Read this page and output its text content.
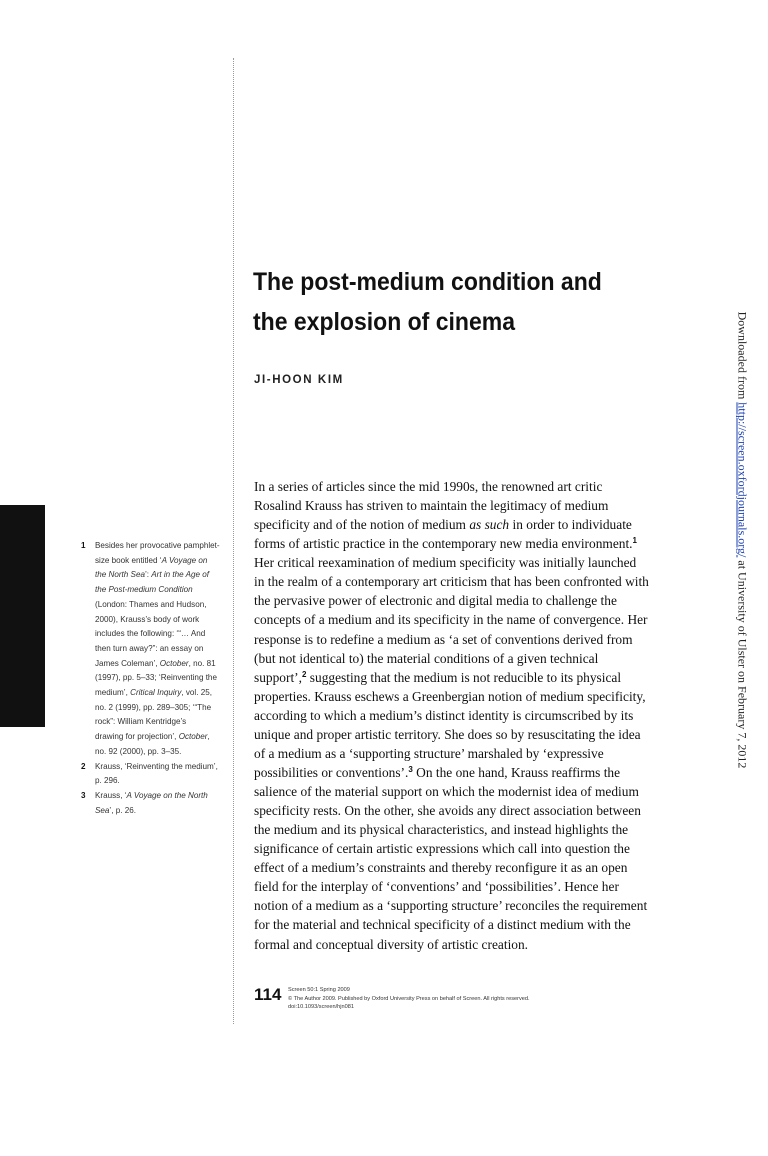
Part 3
The post-medium condition and
the explosion of cinema
JI-HOON KIM	Downloaded from http://screen.oxfordjournals.org/ at University of Ulster on February 7, 2012
In a series of articles since the mid 1990s, the renowned art critic
Rosalind Krauss has striven to maintain the legitimacy of medium
specificity and of the notion of medium as such in order to individuate
forms of artistic practice in the contemporary new media environment.$^1$
Her critical reexamination of medium specificity was initially launched
in the realm of a contemporary art criticism that has been confronted with
the pervasive power of electronic and digital media to challenge the
concepts of a medium and its specificity in the name of convergence. Her
response is to redefine a medium as ‘a set of conventions derived from
(but not identical to) the material conditions of a given technical
support’,$^2$ suggesting that the medium is not reducible to its physical
properties. Krauss eschews a Greenbergian notion of medium specificity,
according to which a medium’s distinct identity is circumscribed by its
unique and proper artistic territory. She does so by resuscitating the idea
of a medium as a ‘supporting structure’ marshaled by ‘expressive
possibilities or conventions’.$^3$ On the one hand, Krauss reaffirms the
salience of the material support on which the modernist idea of medium
specificity rests. On the other, she avoids any direct association between
the medium and its physical characteristics, and instead highlights the
significance of certain artistic expressions which call into question the
effect of a medium’s constraints and thereby reconfigure it as an open
field for the interplay of ‘conventions’ and ‘possibilities’. Hence her
notion of a medium as a ‘supporting structure’ reconciles the requirement
for the material and technical specificity of a distinct medium with the
formal and conceptual diversity of artistic creation.
1 Besides her provocative pamphlet-
size book entitled ‘A Voyage on
the North Sea’: Art in the Age of
the Post-medium Condition
(London: Thames and Hudson,
2000), Krauss’s body of work
includes the following: ‘“… And
then turn away?”: an essay on
James Coleman’, October, no. 81
(1997), pp. 5–33; ‘Reinventing the
medium’, Critical Inquiry, vol. 25,
no. 2 (1999), pp. 289–305; ‘“The
rock”: William Kentridge’s
drawing for projection’, October,
no. 92 (2000), pp. 3–35.
2 Krauss, ‘Reinventing the medium’,
p. 296.
3 Krauss, ‘A Voyage on the North
Sea’, p. 26.
114 Screen 50:1 Spring 2009
© The Author 2009. Published by Oxford University Press on behalf of Screen. All rights reserved.
doi:10.1093/screen/hjn081
